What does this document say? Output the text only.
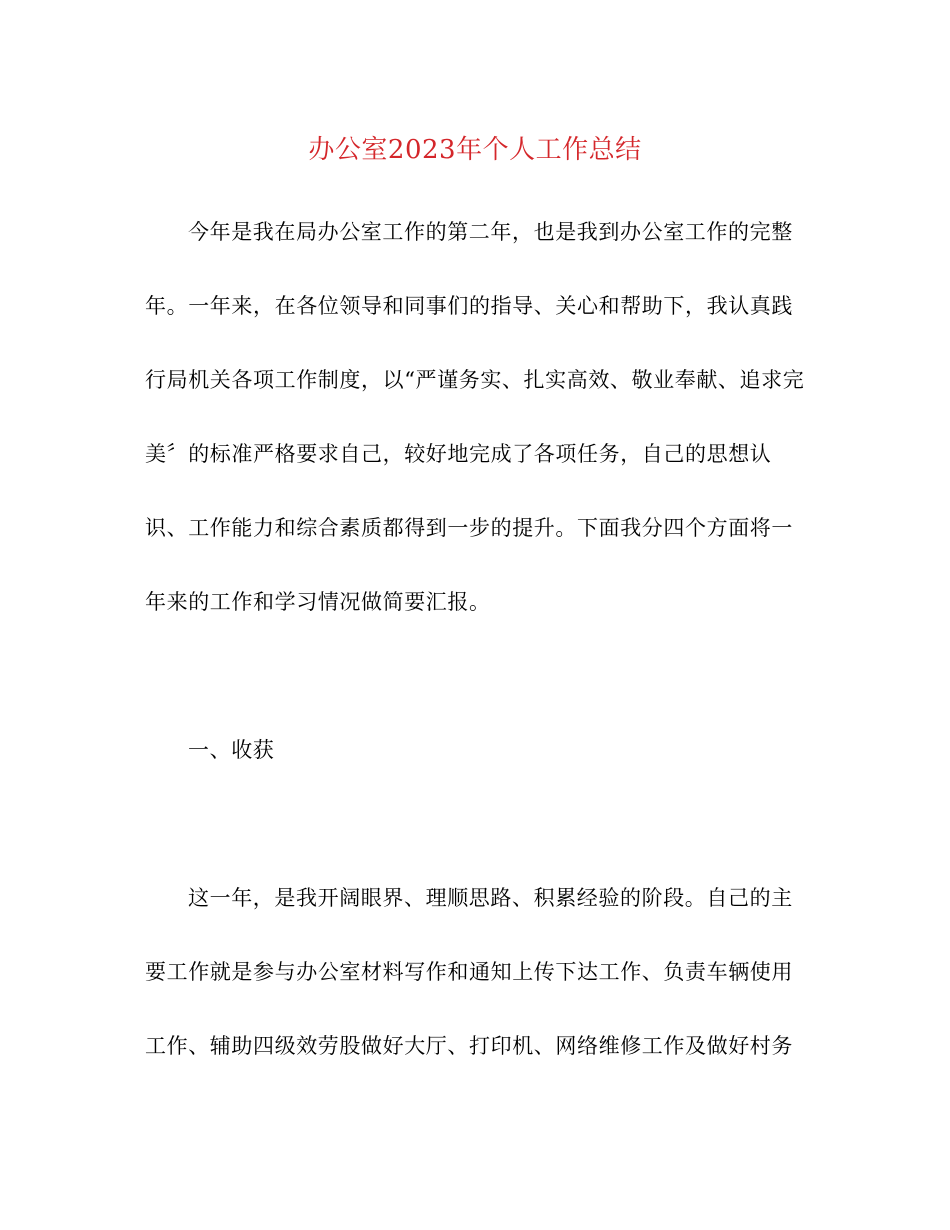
办公室2023年个人工作总结
今年是我在局办公室工作的第二年，也是我到办公室工作的完整
年。一年来，在各位领导和同事们的指导、关心和帮助下，我认真践
行局机关各项工作制度，以“严谨务实、扎实高效、敬业奉献、追求完
美〞的标准严格要求自己，较好地完成了各项任务，自己的思想认
识、工作能力和综合素质都得到一步的提升。下面我分四个方面将一
年来的工作和学习情况做简要汇报。
一、收获
这一年，是我开阔眼界、理顺思路、积累经验的阶段。自己的主
要工作就是参与办公室材料写作和通知上传下达工作、负责车辆使用
工作、辅助四级效劳股做好大厅、打印机、网络维修工作及做好村务
